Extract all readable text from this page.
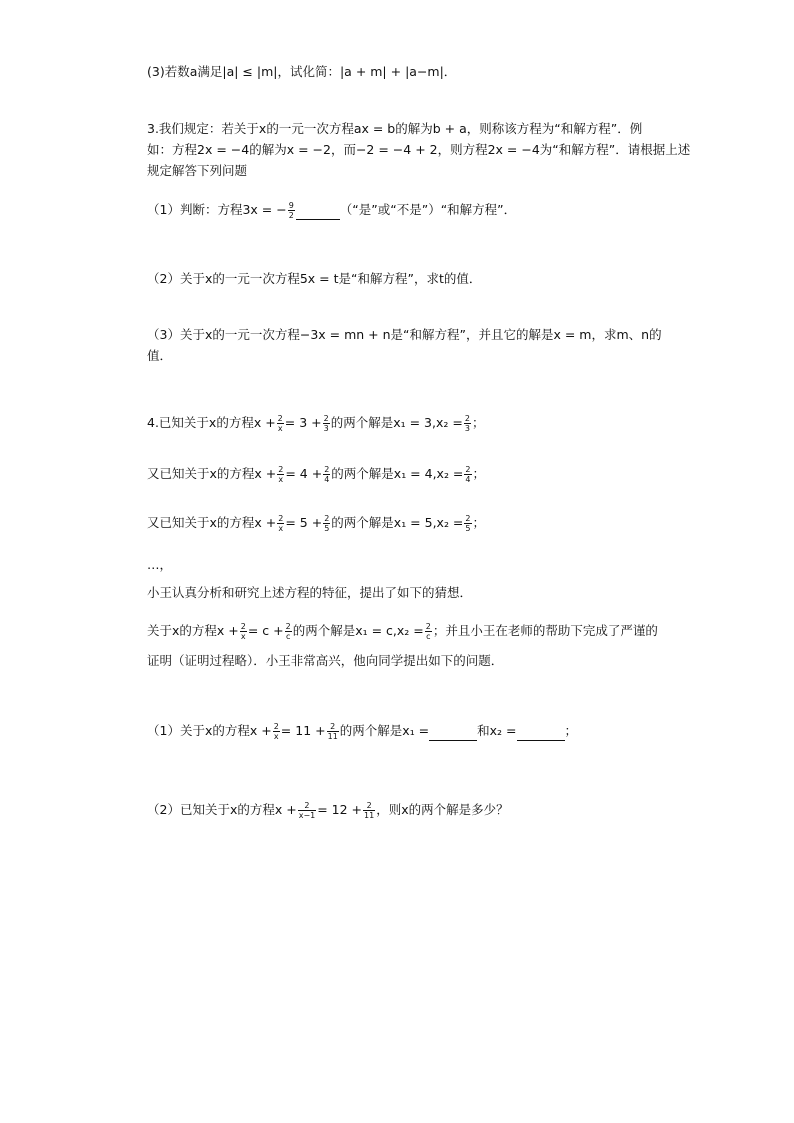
(3)若数a满足|a| ≤ |m|，试化简：|a + m| + |a−m|．
3.我们规定：若关于x的一元一次方程ax = b的解为b + a，则称该方程为“和解方程”．例
如：方程2x = −4的解为x = −2，而−2 = −4 + 2，则方程2x = −4为“和解方程”．请根据上述
规定解答下列问题
（1）判断：方程3x = − $\frac{9}{2}$	（“是”或“不是”）“和解方程”．
（2）关于x的一元一次方程5x = t是“和解方程”，求t的值．
（3）关于x的一元一次方程−3x = mn + n是“和解方程”，并且它的解是x = m，求m、n的
值．
4.已知关于x的方程$x + \frac{2}{x} = 3 + \frac{2}{3}$ 的两个解是$x_1 = 3,x_2 = \frac{2}{3}$ ；
又已知关于x的方程$x + \frac{2}{x} = 4 + \frac{2}{4}$ 的两个解是$x_1 = 4,x_2 = \frac{2}{4}$ ；
又已知关于x的方程$x + \frac{2}{x} = 5 + \frac{2}{5}$ 的两个解是$x_1 = 5,x_2 = \frac{2}{5}$ ；
…，
小王认真分析和研究上述方程的特征，提出了如下的猜想．
关于x的方程$x + \frac{2}{x} = c + \frac{2}{c}$ 的两个解是$x_1 = c,x_2 = \frac{2}{c}$ ；并且小王在老师的帮助下完成了严谨的
证明（证明过程略）．小王非常高兴，他向同学提出如下的问题．
（1）关于x的方程$x + \frac{2}{x} = 11 + \frac{2}{11}$ 的两个解是x₁ =	和x₂ =	；
（2）已知关于x的方程$x + \frac{2}{x-1} = 12 + \frac{2}{11}$ ，则x的两个解是多少？
